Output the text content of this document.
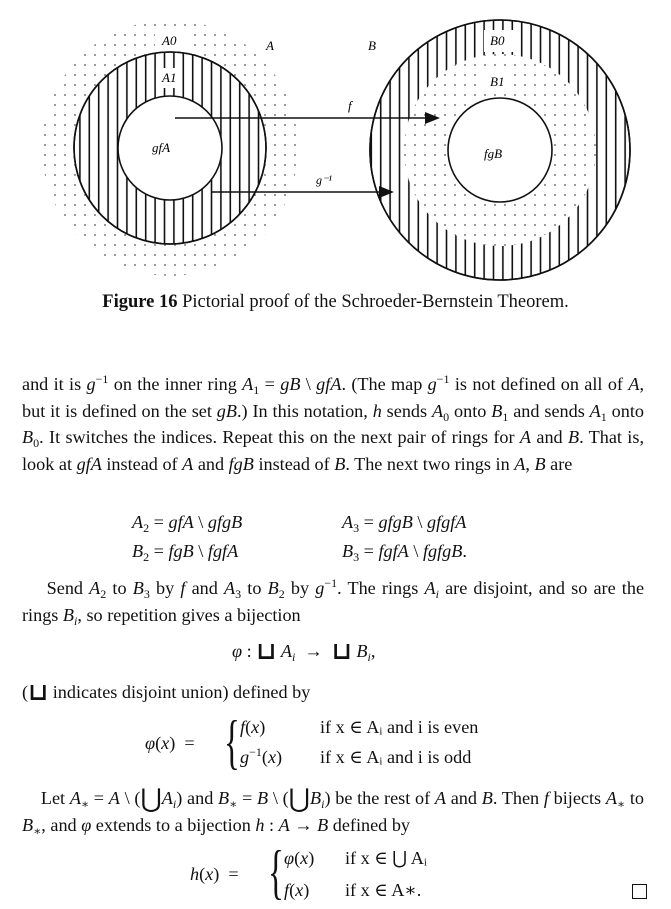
A0
A1
A	B	B0
B1
gfA	fgB
f
g⁻¹
Figure 16 Pictorial proof of the Schroeder-Bernstein Theorem.
and it is $g^{-1}$ on the inner ring $A_1$ = gB \ gfA. (The map $g^{-1}$ is not defined on all of A, but it is defined on the set gB.) In this notation, h sends $A_0$ onto $B_1$ and sends $A_1$ onto $B_0$. It switches the indices. Repeat this on the next pair of rings for A and B. That is, look at gfA instead of A and fgB instead of B. The next two rings in A, B are
$A_2$ = gfA \ gfgB	$A_3$ = gfgB \ gfgfA
$B_2$ = fgB \ fgfA	$B_3$ = fgfA \ fgfgB.
Send $A_2$ to $B_3$ by f and $A_3$ to $B_2$ by $g^{-1}$. The rings $A_i$ are disjoint, and so are the rings $B_i$, so repetition gives a bijection
φ : ⊔ $A_i$  →  ⊔ $B_i$,
(⊔ indicates disjoint union) defined by
φ(x)  = { f(x)	if x ∈ Aᵢ and i is even
$g^{-1}(x)$ if x ∈ Aᵢ and i is odd
Let $A_∗ = A$ \ $(⋃A_i)$ and $B_∗ = B$ \ $(⋃B_i)$ be the rest of A and B. Then f bijects $A_∗$ to $B_∗$, and φ extends to a bijection h : A → B defined by
h(x)  = { φ(x) if x ∈ ⋃ Aᵢ
f(x) if x ∈ A∗.
